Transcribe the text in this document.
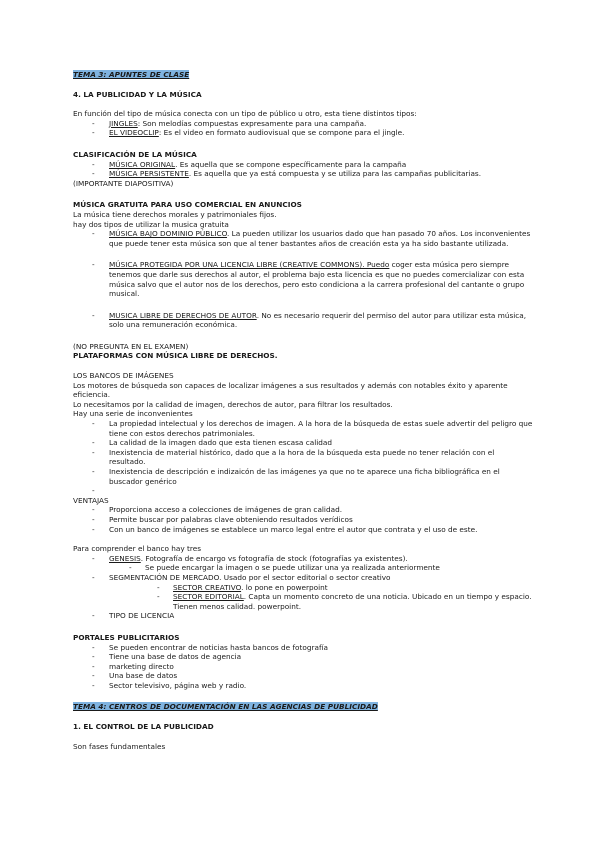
TEMA 3: APUNTES DE CLASE

4. LA PUBLICIDAD Y LA MÚSICA

En función del tipo de música conecta con un tipo de público u otro, esta tiene distintos tipos:

- JINGLES: Son melodías compuestas expresamente para una campaña.

- EL VIDEOCLIP: Es el video en formato audiovisual que se compone para el jingle.

CLASIFICACIÓN DE LA MÚSICA

- MÚSICA ORIGINAL. Es aquella que se compone específicamente para la campaña

- MÚSICA PERSISTENTE. Es aquella que ya está compuesta y se utiliza para las campañas publicitarias.

(IMPORTANTE DIAPOSITIVA)

MÚSICA GRATUITA PARA USO COMERCIAL EN ANUNCIOS

La música tiene derechos morales y patrimoniales fijos.

hay dos tipos de utilizar la musica gratuita

- MÚSICA BAJO DOMINIO PÚBLICO. La pueden utilizar los usuarios dado que han pasado 70 años. Los inconvenientes que puede tener esta música son que al tener bastantes años de creación esta ya ha sido bastante utilizada.

- MÚSICA PROTEGIDA POR UNA LICENCIA LIBRE (CREATIVE COMMONS). Puedo coger esta música pero siempre tenemos que darle sus derechos al autor, el problema bajo esta licencia es que no puedes comercializar con esta música salvo que el autor nos de los derechos, pero esto condiciona a la carrera profesional del cantante o grupo musical.

- MUSICA LIBRE DE DERECHOS DE AUTOR. No es necesario requerir del permiso del autor para utilizar esta música, solo una remuneración económica.

(NO PREGUNTA EN EL EXAMEN)

PLATAFORMAS CON MÚSICA LIBRE DE DERECHOS.

LOS BANCOS DE IMÁGENES

Los motores de búsqueda son capaces de localizar imágenes a sus resultados y además con notables éxito y aparente eficiencia.

Lo necesitamos por la calidad de imagen, derechos de autor, para filtrar los resultados.

Hay una serie de inconvenientes

- La propiedad intelectual y los derechos de imagen. A la hora de la búsqueda de estas suele advertir del peligro que tiene con estos derechos patrimoniales.

- La calidad de la imagen dado que esta tienen escasa calidad

- Inexistencia de material histórico, dado que a la hora de la búsqueda esta puede no tener relación con el resultado.

- Inexistencia de descripción e indizaicón de las imágenes ya que no te aparece una ficha bibliográfica en el buscador genérico

-

VENTAJAS

- Proporciona acceso a colecciones de imágenes de gran calidad.

- Permite buscar por palabras clave obteniendo resultados verídicos

- Con un banco de imágenes se establece un marco legal entre el autor que contrata y el uso de este.

Para comprender el banco hay tres

- GENESIS. Fotografía de encargo vs fotografía de stock (fotografías ya existentes).

- Se puede encargar la imagen o se puede utilizar una ya realizada anteriormente

- SEGMENTACIÓN DE MERCADO. Usado por el sector editorial o sector creativo

- SECTOR CREATIVO. lo pone en powerpoint

- SECTOR EDITORIAL. Capta un momento concreto de una noticia. Ubicado en un tiempo y espacio. Tienen menos calidad. powerpoint.

- TIPO DE LICENCIA

PORTALES PUBLICITARIOS

- Se pueden encontrar de noticias hasta bancos de fotografía

- Tiene una base de datos de agencia

- marketing directo

- Una base de datos

- Sector televisivo, página web y radio.

TEMA 4: CENTROS DE DOCUMENTACIÓN EN LAS AGENCIAS DE PUBLICIDAD

1. EL CONTROL DE LA PUBLICIDAD

Son fases fundamentales
